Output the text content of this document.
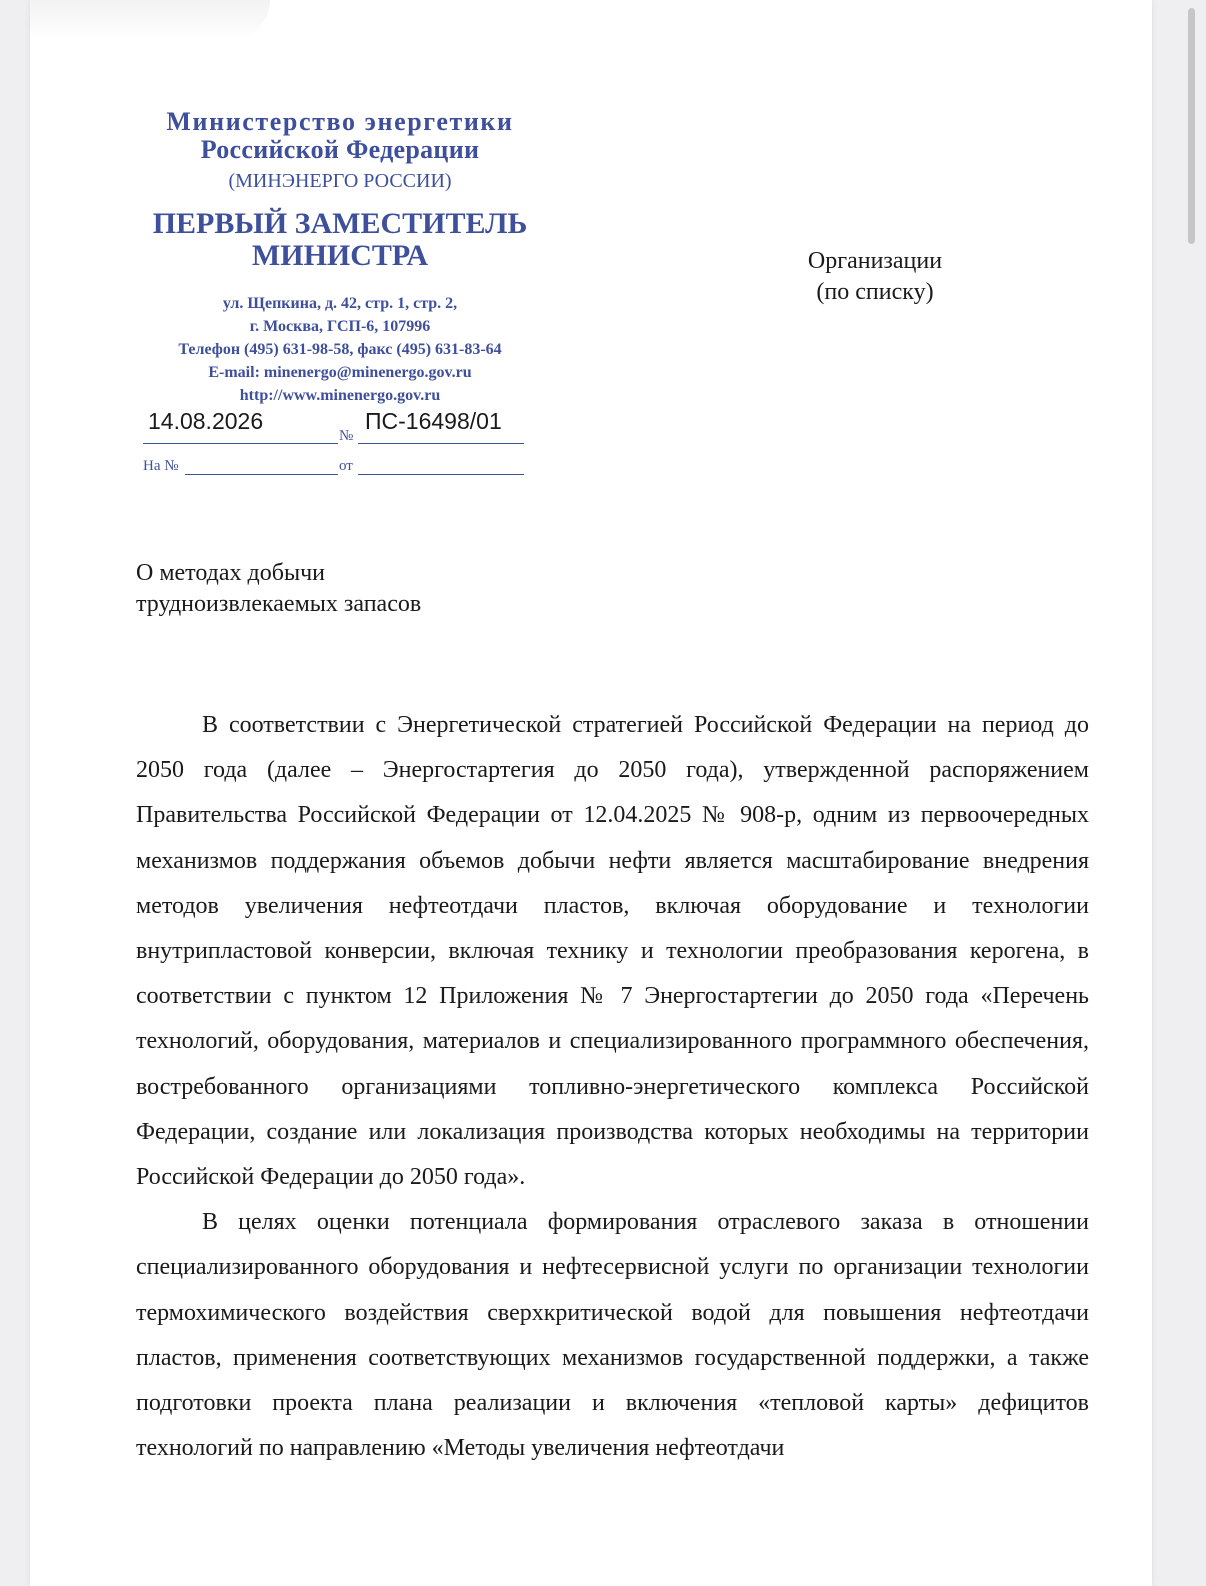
Министерство энергетики
Российской Федерации
(МИНЭНЕРГО РОССИИ)
ПЕРВЫЙ ЗАМЕСТИТЕЛЬ
МИНИСТРА
ул. Щепкина, д. 42, стр. 1, стр. 2,
г. Москва, ГСП-6, 107996
Телефон (495) 631-98-58, факс (495) 631-83-64
E-mail: minenergo@minenergo.gov.ru
http://www.minenergo.gov.ru
14.08.2026	ПС-16498/01
№
На №	от
Организации
(по списку)
О методах добычи
трудноизвлекаемых запасов

В соответствии с Энергетической стратегией Российской Федерации на период до 2050 года (далее – Энергостартегия до 2050 года), утвержденной распоряжением Правительства Российской Федерации от 12.04.2025 № 908-р, одним из первоочередных механизмов поддержания объемов добычи нефти является масштабирование внедрения методов увеличения нефтеотдачи пластов, включая оборудование и технологии внутрипластовой конверсии, включая технику и технологии преобразования керогена, в соответствии с пунктом 12 Приложения № 7 Энергостартегии до 2050 года «Перечень технологий, оборудования, материалов и специализированного программного обеспечения, востребованного организациями топливно-энергетического комплекса Российской Федерации, создание или локализация производства которых необходимы на территории Российской Федерации до 2050 года».

В целях оценки потенциала формирования отраслевого заказа в отношении специализированного оборудования и нефтесервисной услуги по организации технологии термохимического воздействия сверхкритической водой для повышения нефтеотдачи пластов, применения соответствующих механизмов государственной поддержки, а также подготовки проекта плана реализации и включения «тепловой карты» дефицитов технологий по направлению «Методы увеличения нефтеотдачи
